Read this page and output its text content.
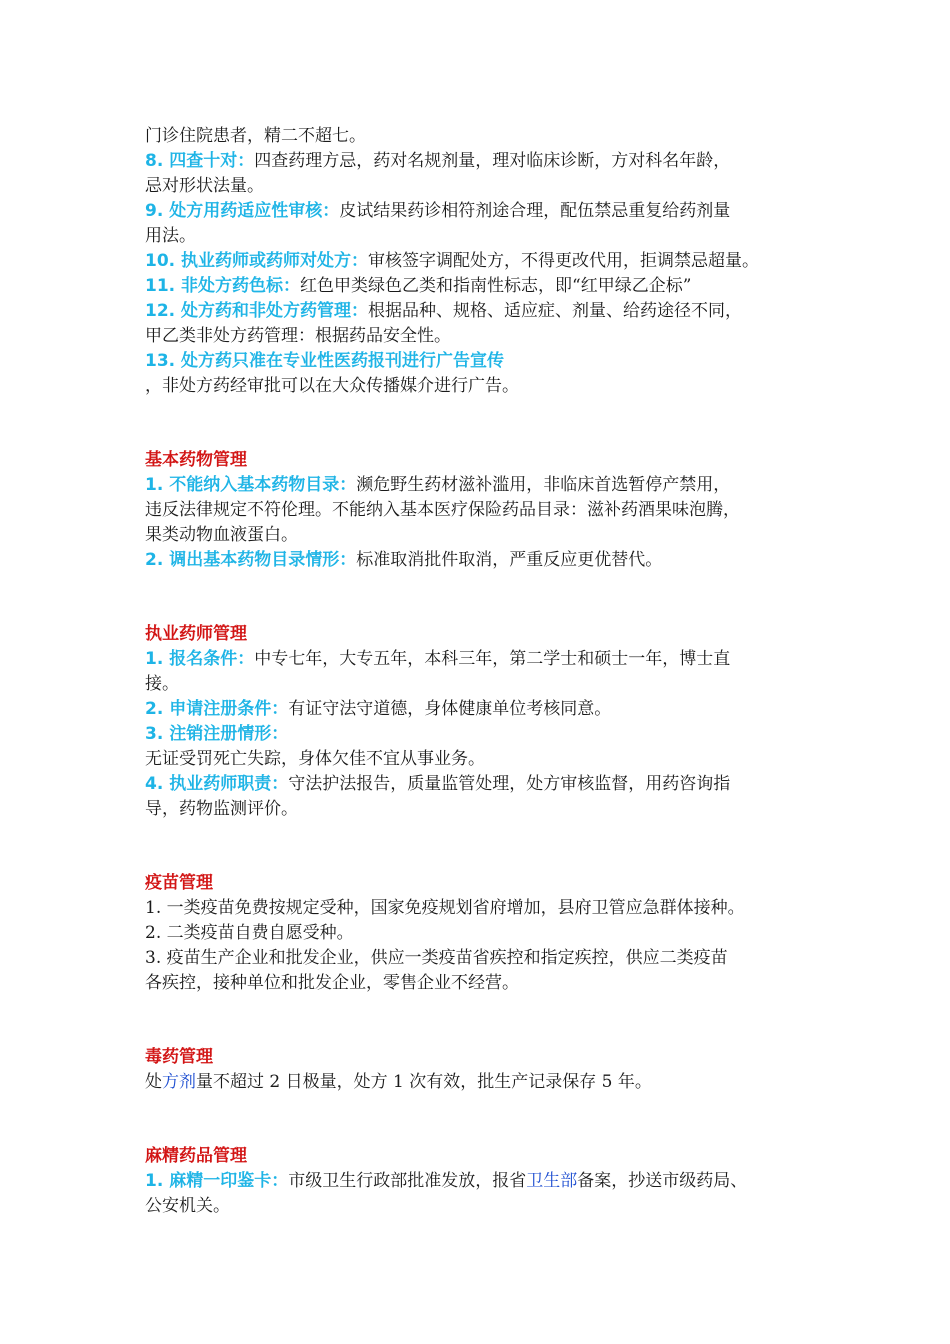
门诊住院患者，精二不超七。
8. 四查十对：四查药理方忌，药对名规剂量，理对临床诊断，方对科名年龄，
忌对形状法量。
9. 处方用药适应性审核：皮试结果药诊相符剂途合理，配伍禁忌重复给药剂量
用法。
10. 执业药师或药师对处方：审核签字调配处方，不得更改代用，拒调禁忌超量。
11. 非处方药色标：红色甲类绿色乙类和指南性标志，即“红甲绿乙企标”
12. 处方药和非处方药管理：根据品种、规格、适应症、剂量、给药途径不同，
甲乙类非处方药管理：根据药品安全性。
13. 处方药只准在专业性医药报刊进行广告宣传
，非处方药经审批可以在大众传播媒介进行广告。
基本药物管理
1. 不能纳入基本药物目录：濒危野生药材滋补滥用，非临床首选暂停产禁用，
违反法律规定不符伦理。不能纳入基本医疗保险药品目录：滋补药酒果味泡腾，
果类动物血液蛋白。
2. 调出基本药物目录情形：标准取消批件取消，严重反应更优替代。
执业药师管理
1. 报名条件：中专七年，大专五年，本科三年，第二学士和硕士一年，博士直
接。
2. 申请注册条件：有证守法守道德，身体健康单位考核同意。
3. 注销注册情形：
无证受罚死亡失踪，身体欠佳不宜从事业务。
4. 执业药师职责：守法护法报告，质量监管处理，处方审核监督，用药咨询指
导，药物监测评价。
疫苗管理
1. 一类疫苗免费按规定受种，国家免疫规划省府增加，县府卫管应急群体接种。
2. 二类疫苗自费自愿受种。
3. 疫苗生产企业和批发企业，供应一类疫苗省疾控和指定疾控，供应二类疫苗
各疾控，接种单位和批发企业，零售企业不经营。
毒药管理
处方剂量不超过 2 日极量，处方 1 次有效，批生产记录保存 5 年。
麻精药品管理
1. 麻精一印鉴卡：市级卫生行政部批准发放，报省卫生部备案，抄送市级药局、
公安机关。
